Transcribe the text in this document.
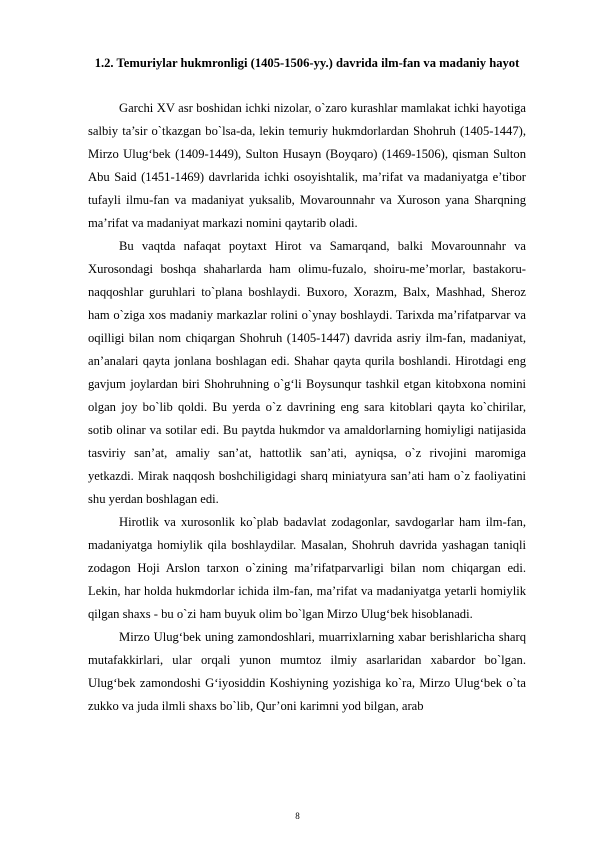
1.2. Temuriylar hukmronligi (1405-1506-yy.) davrida ilm-fan va madaniy hayot

Garchi XV asr boshidan ichki nizolar, o`zaro kurashlar mamlakat ichki hayotiga salbiy ta’sir o`tkazgan bo`lsa-da, lekin temuriy hukmdorlardan Shohruh (1405-1447), Mirzo Ulug‘bek (1409-1449), Sulton Husayn (Boyqaro) (1469-1506), qisman Sulton Abu Said (1451-1469) davrlarida ichki osoyishtalik, ma’rifat va madaniyatga e’tibor tufayli ilmu-fan va madaniyat yuksalib, Movarounnahr va Xuroson yana Sharqning ma’rifat va madaniyat markazi nomini qaytarib oladi.

Bu vaqtda nafaqat poytaxt Hirot va Samarqand, balki Movarounnahr va Xurosondagi boshqa shaharlarda ham olimu-fuzalo, shoiru-me’morlar, bastakoru-naqqoshlar guruhlari to`plana boshlaydi. Buxoro, Xorazm, Balx, Mashhad, Sheroz ham o`ziga xos madaniy markazlar rolini o`ynay boshlaydi. Tarixda ma’rifatparvar va oqilligi bilan nom chiqargan Shohruh (1405-1447) davrida asriy ilm-fan, madaniyat, an’analari qayta jonlana boshlagan edi. Shahar qayta qurila boshlandi. Hirotdagi eng gavjum joylardan biri Shohruhning o`g‘li Boysunqur tashkil etgan kitobxona nomini olgan joy bo`lib qoldi. Bu yerda o`z davrining eng sara kitoblari qayta ko`chirilar, sotib olinar va sotilar edi. Bu paytda hukmdor va amaldorlarning homiyligi natijasida tasviriy san’at, amaliy san’at, hattotlik san’ati, ayniqsa, o`z rivojini maromiga yetkazdi. Mirak naqqosh boshchiligidagi sharq miniatyura san’ati ham o`z faoliyatini shu yerdan boshlagan edi.

Hirotlik va xurosonlik ko`plab badavlat zodagonlar, savdogarlar ham ilm-fan, madaniyatga homiylik qila boshlaydilar. Masalan, Shohruh davrida yashagan taniqli zodagon Hoji Arslon tarxon o`zining ma’rifatparvarligi bilan nom chiqargan edi. Lekin, har holda hukmdorlar ichida ilm-fan, ma’rifat va madaniyatga yetarli homiylik qilgan shaxs - bu o`zi ham buyuk olim bo`lgan Mirzo Ulug‘bek hisoblanadi.

Mirzo Ulug‘bek uning zamondoshlari, muarrixlarning xabar berishlaricha sharq mutafakkirlari, ular orqali yunon mumtoz ilmiy asarlaridan xabardor bo`lgan. Ulug‘bek zamondoshi G‘iyosiddin Koshiyning yozishiga ko`ra, Mirzo Ulug‘bek o`ta zukko va juda ilmli shaxs bo`lib, Qur’oni karimni yod bilgan, arab

8
